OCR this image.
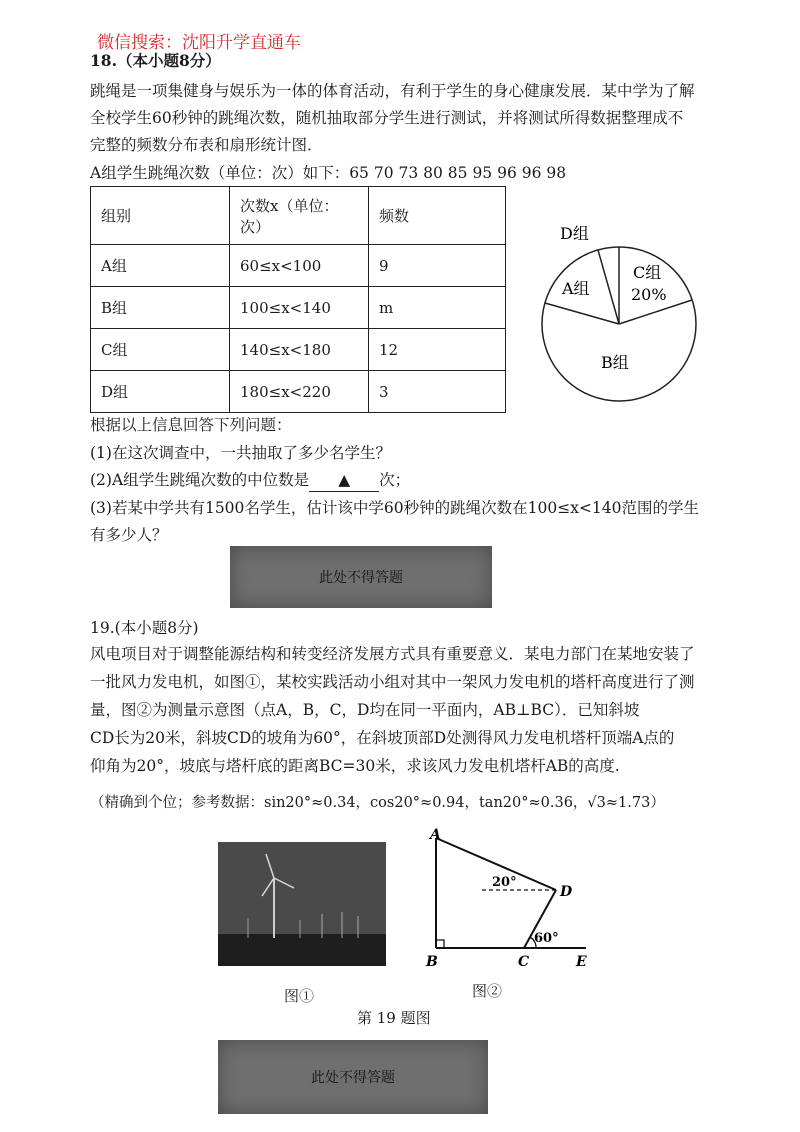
微信搜索：沈阳升学直通车
18.（本小题8分）
跳绳是一项集健身与娱乐为一体的体育活动，有利于学生的身心健康发展．某中学为了解
全校学生60秒钟的跳绳次数，随机抽取部分学生进行测试，并将测试所得数据整理成不
完整的频数分布表和扇形统计图．
A组学生跳绳次数（单位：次）如下：65 70 73 80 85 95 96 96 98
组别	次数x（单位：
次）	频数
A组	60≤x<100	9
B组	100≤x<140	m
C组	140≤x<180	12
D组	180≤x<220	3
D组
A组
C组
20%
B组
根据以上信息回答下列问题：
(1)在这次调查中，一共抽取了多少名学生？
(2)A组学生跳绳次数的中位数是 ▲ 次；
(3)若某中学共有1500名学生，估计该中学60秒钟的跳绳次数在100≤x<140范围的学生
有多少人？
此处不得答题
19.(本小题8分)
风电项目对于调整能源结构和转变经济发展方式具有重要意义．某电力部门在某地安装了
一批风力发电机，如图①，某校实践活动小组对其中一架风力发电机的塔杆高度进行了测
量，图②为测量示意图（点A，B，C，D均在同一平面内，AB⊥BC）．已知斜坡
CD长为20米，斜坡CD的坡角为60°，在斜坡顶部D处测得风力发电机塔杆顶端A点的
仰角为20°，坡底与塔杆底的距离BC=30米，求该风力发电机塔杆AB的高度.
（精确到个位；参考数据：sin20°≈0.34，cos20°≈0.94，tan20°≈0.36，√3≈1.73）
A
B	C
D
E
20°
60°
图①	图②
第 19 题图
此处不得答题
